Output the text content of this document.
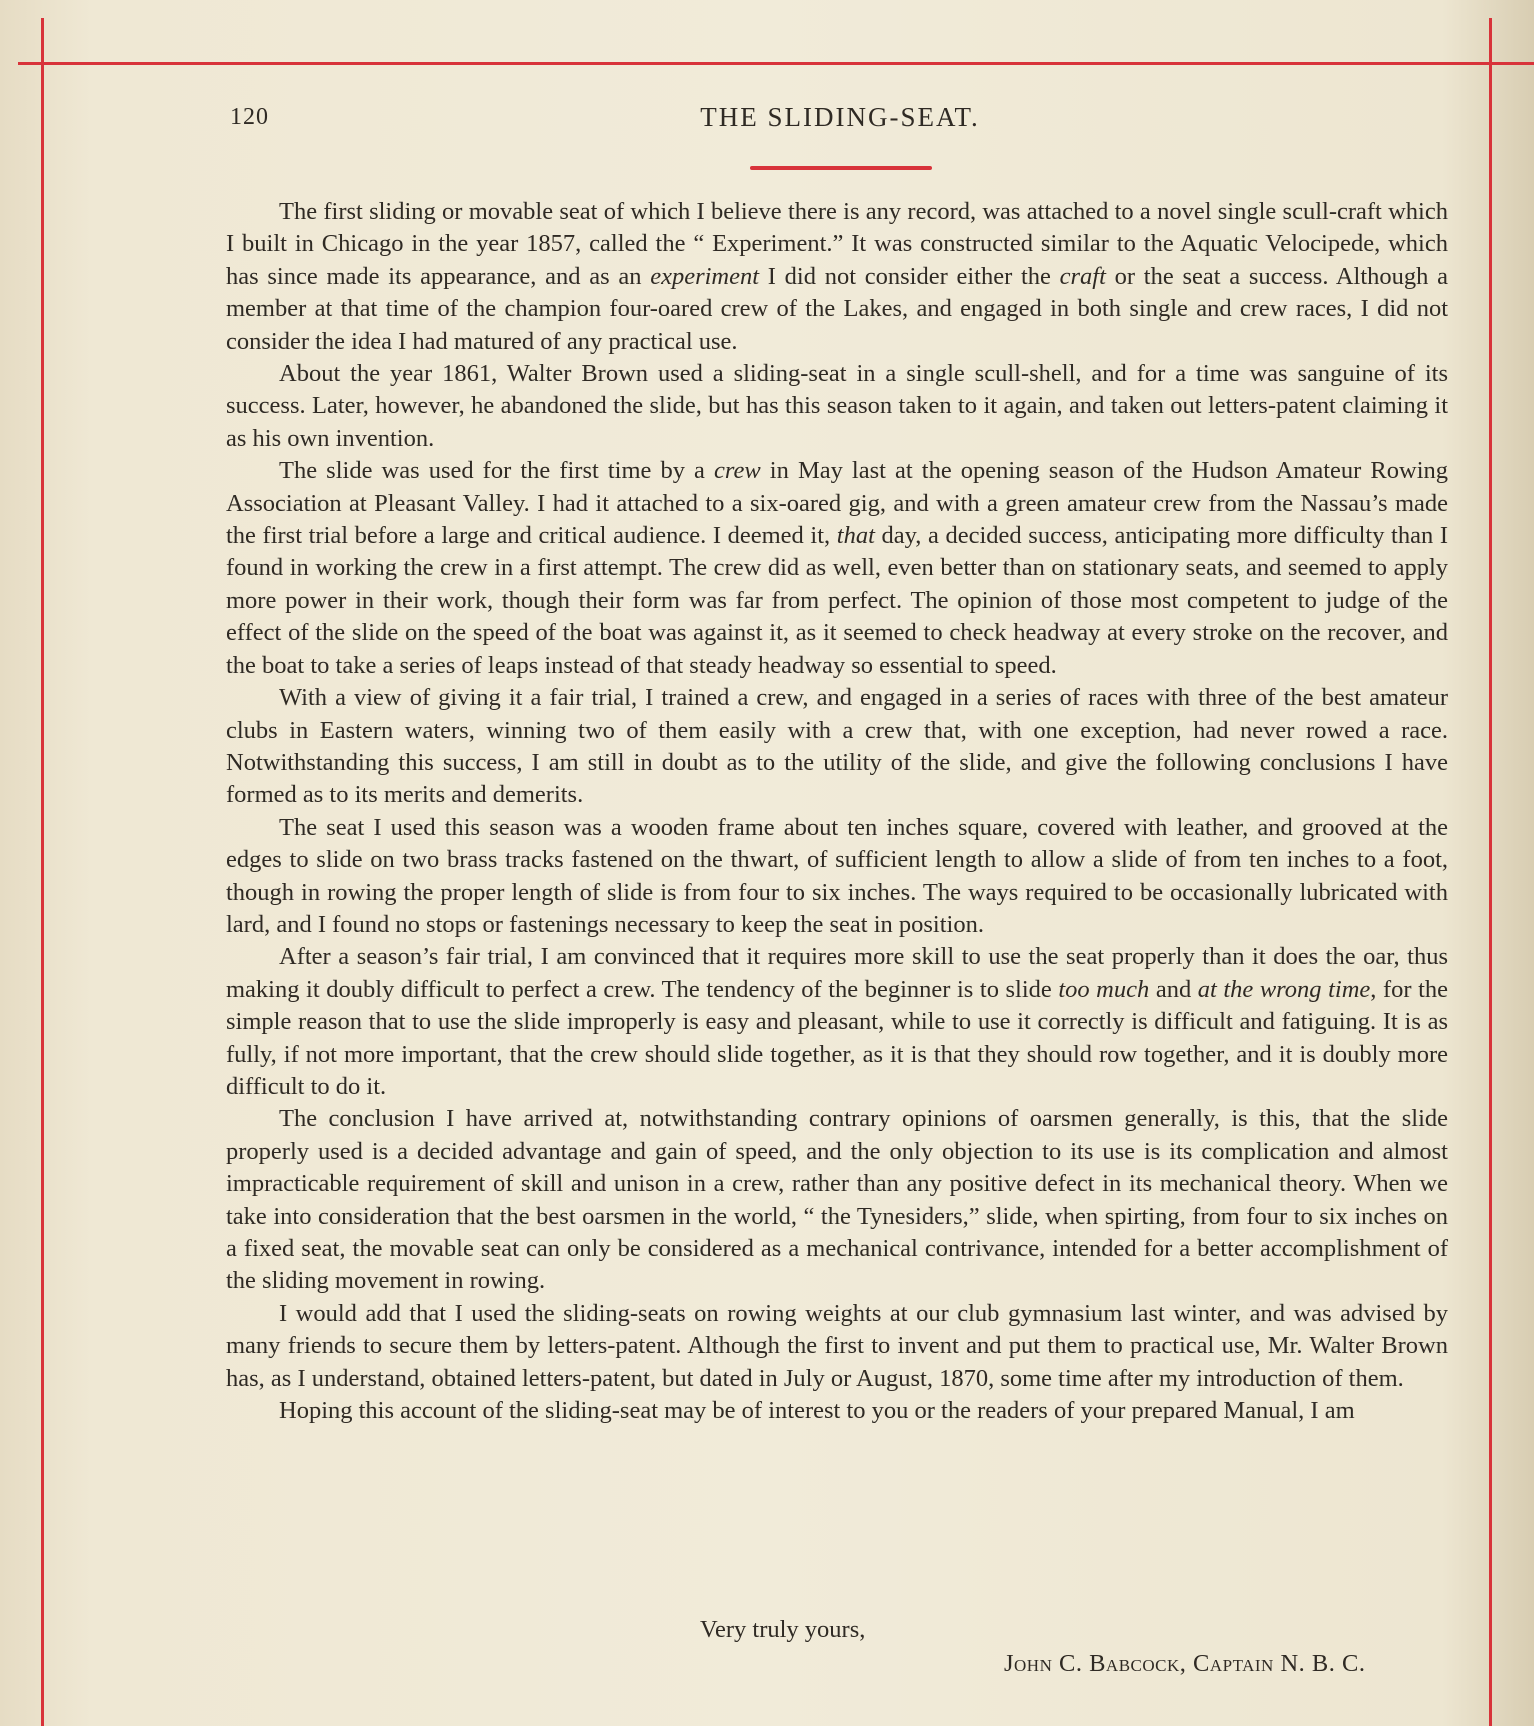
120	THE SLIDING-SEAT.

The first sliding or movable seat of which I believe there is any record, was attached to a novel single scull-craft which I built in Chicago in the year 1857, called the “ Experiment.” It was constructed similar to the Aquatic Velocipede, which has since made its appearance, and as an experiment I did not consider either the craft or the seat a success. Although a member at that time of the champion four-oared crew of the Lakes, and engaged in both single and crew races, I did not consider the idea I had matured of any practical use.

About the year 1861, Walter Brown used a sliding-seat in a single scull-shell, and for a time was sanguine of its success. Later, however, he abandoned the slide, but has this season taken to it again, and taken out letters-patent claiming it as his own invention.

The slide was used for the first time by a crew in May last at the opening season of the Hudson Amateur Rowing Association at Pleasant Valley. I had it attached to a six-oared gig, and with a green amateur crew from the Nassau’s made the first trial before a large and critical audience. I deemed it, that day, a decided success, anticipating more difficulty than I found in working the crew in a first attempt. The crew did as well, even better than on stationary seats, and seemed to apply more power in their work, though their form was far from perfect. The opinion of those most competent to judge of the effect of the slide on the speed of the boat was against it, as it seemed to check headway at every stroke on the recover, and the boat to take a series of leaps instead of that steady headway so essential to speed.

With a view of giving it a fair trial, I trained a crew, and engaged in a series of races with three of the best amateur clubs in Eastern waters, winning two of them easily with a crew that, with one exception, had never rowed a race. Notwithstanding this success, I am still in doubt as to the utility of the slide, and give the following conclusions I have formed as to its merits and demerits.

The seat I used this season was a wooden frame about ten inches square, covered with leather, and grooved at the edges to slide on two brass tracks fastened on the thwart, of sufficient length to allow a slide of from ten inches to a foot, though in rowing the proper length of slide is from four to six inches. The ways required to be occasionally lubricated with lard, and I found no stops or fastenings necessary to keep the seat in position.

After a season’s fair trial, I am convinced that it requires more skill to use the seat properly than it does the oar, thus making it doubly difficult to perfect a crew. The tendency of the beginner is to slide too much and at the wrong time, for the simple reason that to use the slide improperly is easy and pleasant, while to use it correctly is difficult and fatiguing. It is as fully, if not more important, that the crew should slide together, as it is that they should row together, and it is doubly more difficult to do it.

The conclusion I have arrived at, notwithstanding contrary opinions of oarsmen generally, is this, that the slide properly used is a decided advantage and gain of speed, and the only objection to its use is its complication and almost impracticable requirement of skill and unison in a crew, rather than any positive defect in its mechanical theory. When we take into consideration that the best oarsmen in the world, “ the Tynesiders,” slide, when spirting, from four to six inches on a fixed seat, the movable seat can only be considered as a mechanical contrivance, intended for a better accomplishment of the sliding movement in rowing.

I would add that I used the sliding-seats on rowing weights at our club gymnasium last winter, and was advised by many friends to secure them by letters-patent. Although the first to invent and put them to practical use, Mr. Walter Brown has, as I understand, obtained letters-patent, but dated in July or August, 1870, some time after my introduction of them.

Hoping this account of the sliding-seat may be of interest to you or the readers of your prepared Manual, I am

Very truly yours,
John C. Babcock, Captain N. B. C.
